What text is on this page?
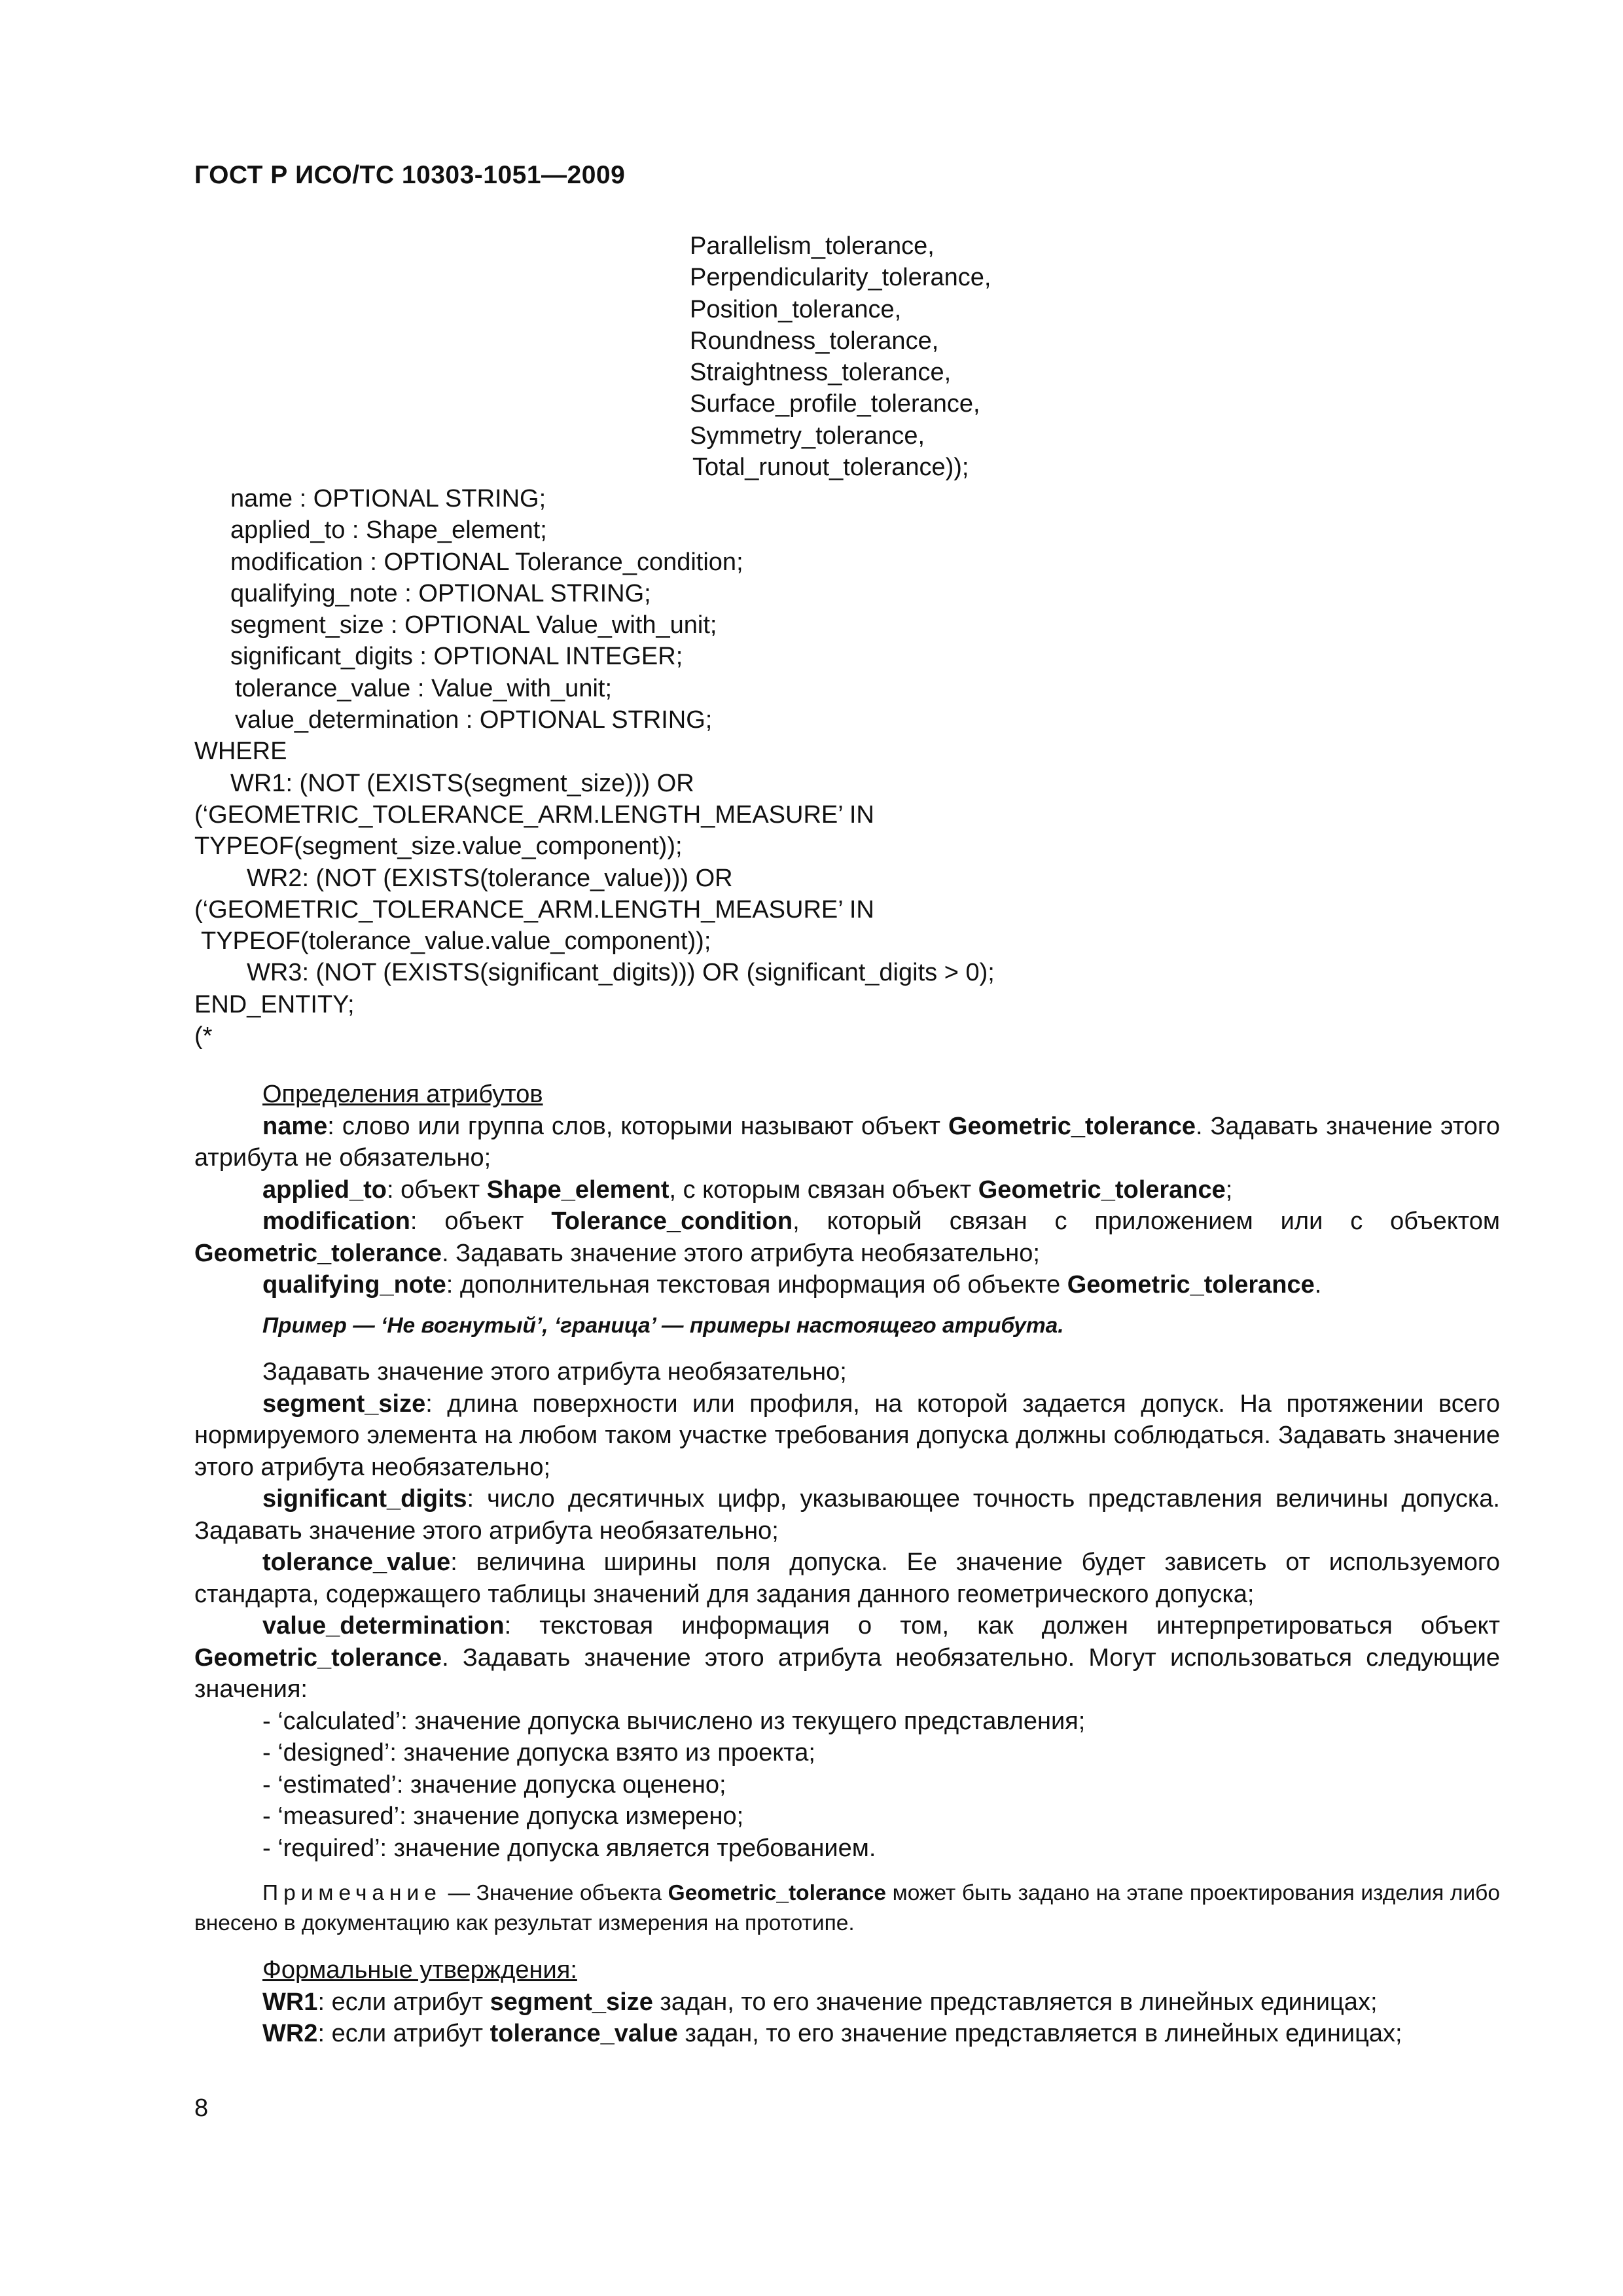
ГОСТ Р ИСО/ТС 10303-1051—2009
Parallelism_tolerance,
Perpendicularity_tolerance,
Position_tolerance,
Roundness_tolerance,
Straightness_tolerance,
Surface_profile_tolerance,
Symmetry_tolerance,
Total_runout_tolerance));
name : OPTIONAL STRING;
applied_to : Shape_element;
modification : OPTIONAL Tolerance_condition;
qualifying_note : OPTIONAL STRING;
segment_size : OPTIONAL Value_with_unit;
significant_digits : OPTIONAL INTEGER;
tolerance_value : Value_with_unit;
value_determination : OPTIONAL STRING;
WHERE
WR1: (NOT (EXISTS(segment_size))) OR
(‘GEOMETRIC_TOLERANCE_ARM.LENGTH_MEASURE’ IN
TYPEOF(segment_size.value_component));
WR2: (NOT (EXISTS(tolerance_value))) OR
(‘GEOMETRIC_TOLERANCE_ARM.LENGTH_MEASURE’ IN
TYPEOF(tolerance_value.value_component));
WR3: (NOT (EXISTS(significant_digits))) OR (significant_digits > 0);
END_ENTITY;
(*

Определения атрибутов

name: слово или группа слов, которыми называют объект Geometric_tolerance. Задавать значение этого атрибута не обязательно;

applied_to: объект Shape_element, с которым связан объект Geometric_tolerance;

modification: объект Tolerance_condition, который связан с приложением или с объектом Geometric_tolerance. Задавать значение этого атрибута необязательно;

qualifying_note: дополнительная текстовая информация об объекте Geometric_tolerance.

Пример — ‘Не вогнутый’, ‘граница’ — примеры настоящего атрибута.

Задавать значение этого атрибута необязательно;

segment_size: длина поверхности или профиля, на которой задается допуск. На протяжении всего нормируемого элемента на любом таком участке требования допуска должны соблюдаться. Задавать значение этого атрибута необязательно;

significant_digits: число десятичных цифр, указывающее точность представления величины допуска. Задавать значение этого атрибута необязательно;

tolerance_value: величина ширины поля допуска. Ее значение будет зависеть от используемого стандарта, содержащего таблицы значений для задания данного геометрического допуска;

value_determination: текстовая информация о том, как должен интерпретироваться объект Geometric_tolerance. Задавать значение этого атрибута необязательно. Могут использоваться следующие значения:

- ‘calculated’: значение допуска вычислено из текущего представления;
- ‘designed’: значение допуска взято из проекта;
- ‘estimated’: значение допуска оценено;
- ‘measured’: значение допуска измерено;
- ‘required’: значение допуска является требованием.

Примечание — Значение объекта Geometric_tolerance может быть задано на этапе проектирования изделия либо внесено в документацию как результат измерения на прототипе.

Формальные утверждения:

WR1: если атрибут segment_size задан, то его значение представляется в линейных единицах;

WR2: если атрибут tolerance_value задан, то его значение представляется в линейных единицах;

8
